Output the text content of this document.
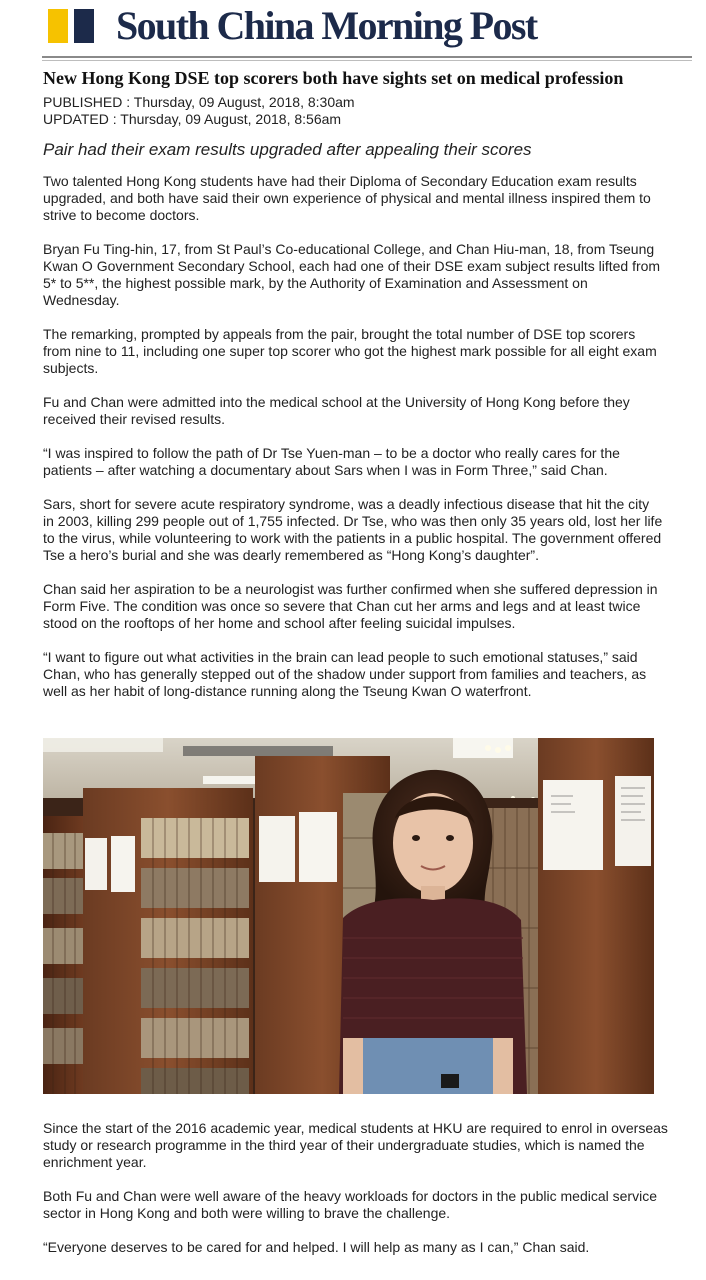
South China Morning Post
New Hong Kong DSE top scorers both have sights set on medical profession
PUBLISHED : Thursday, 09 August, 2018, 8:30am
UPDATED : Thursday, 09 August, 2018, 8:56am

Pair had their exam results upgraded after appealing their scores

Two talented Hong Kong students have had their Diploma of Secondary Education exam results upgraded, and both have said their own experience of physical and mental illness inspired them to strive to become doctors.

Bryan Fu Ting-hin, 17, from St Paul’s Co-educational College, and Chan Hiu-man, 18, from Tseung Kwan O Government Secondary School, each had one of their DSE exam subject results lifted from 5* to 5**, the highest possible mark, by the Authority of Examination and Assessment on Wednesday.

The remarking, prompted by appeals from the pair, brought the total number of DSE top scorers from nine to 11, including one super top scorer who got the highest mark possible for all eight exam subjects.

Fu and Chan were admitted into the medical school at the University of Hong Kong before they received their revised results.

“I was inspired to follow the path of Dr Tse Yuen-man – to be a doctor who really cares for the patients – after watching a documentary about Sars when I was in Form Three,” said Chan.

Sars, short for severe acute respiratory syndrome, was a deadly infectious disease that hit the city in 2003, killing 299 people out of 1,755 infected. Dr Tse, who was then only 35 years old, lost her life to the virus, while volunteering to work with the patients in a public hospital. The government offered Tse a hero’s burial and she was dearly remembered as “Hong Kong’s daughter”.

Chan said her aspiration to be a neurologist was further confirmed when she suffered depression in Form Five. The condition was once so severe that Chan cut her arms and legs and at least twice stood on the rooftops of her home and school after feeling suicidal impulses.

“I want to figure out what activities in the brain can lead people to such emotional statuses,” said Chan, who has generally stepped out of the shadow under support from families and teachers, as well as her habit of long-distance running along the Tseung Kwan O waterfront.

Since the start of the 2016 academic year, medical students at HKU are required to enrol in overseas study or research programme in the third year of their undergraduate studies, which is named the enrichment year.

Both Fu and Chan were well aware of the heavy workloads for doctors in the public medical service sector in Hong Kong and both were willing to brave the challenge.

“Everyone deserves to be cared for and helped. I will help as many as I can,” Chan said.
